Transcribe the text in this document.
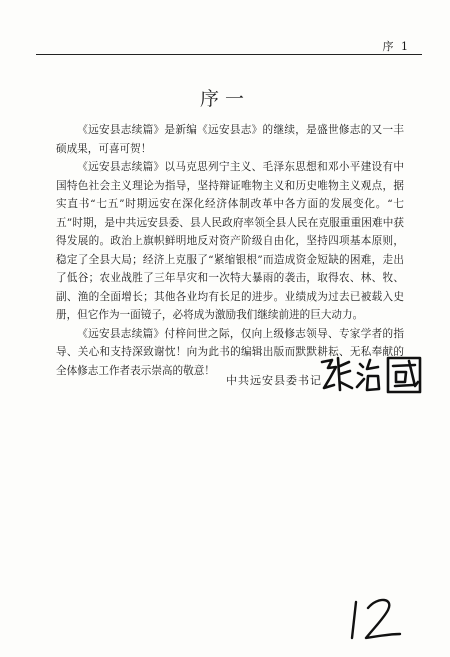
序 1
序一

《远安县志续篇》是新编《远安县志》的继续，是盛世修志的又一丰硕成果，可喜可贺！

《远安县志续篇》以马克思列宁主义、毛泽东思想和邓小平建设有中国特色社会主义理论为指导，坚持辩证唯物主义和历史唯物主义观点，据实直书“七五”时期远安在深化经济体制改革中各方面的发展变化。“七五”时期，是中共远安县委、县人民政府率领全县人民在克服重重困难中获得发展的。政治上旗帜鲜明地反对资产阶级自由化，坚持四项基本原则，稳定了全县大局；经济上克服了“紧缩银根”而造成资金短缺的困难，走出了低谷；农业战胜了三年旱灾和一次特大暴雨的袭击，取得农、林、牧、副、渔的全面增长；其他各业均有长足的进步。业绩成为过去已被载入史册，但它作为一面镜子，必将成为激励我们继续前进的巨大动力。

《远安县志续篇》付梓问世之际，仅向上级修志领导、专家学者的指导、关心和支持深致谢忱！向为此书的编辑出版而默默耕耘、无私奉献的全体修志工作者表示崇高的敬意！

中共远安县委书记
